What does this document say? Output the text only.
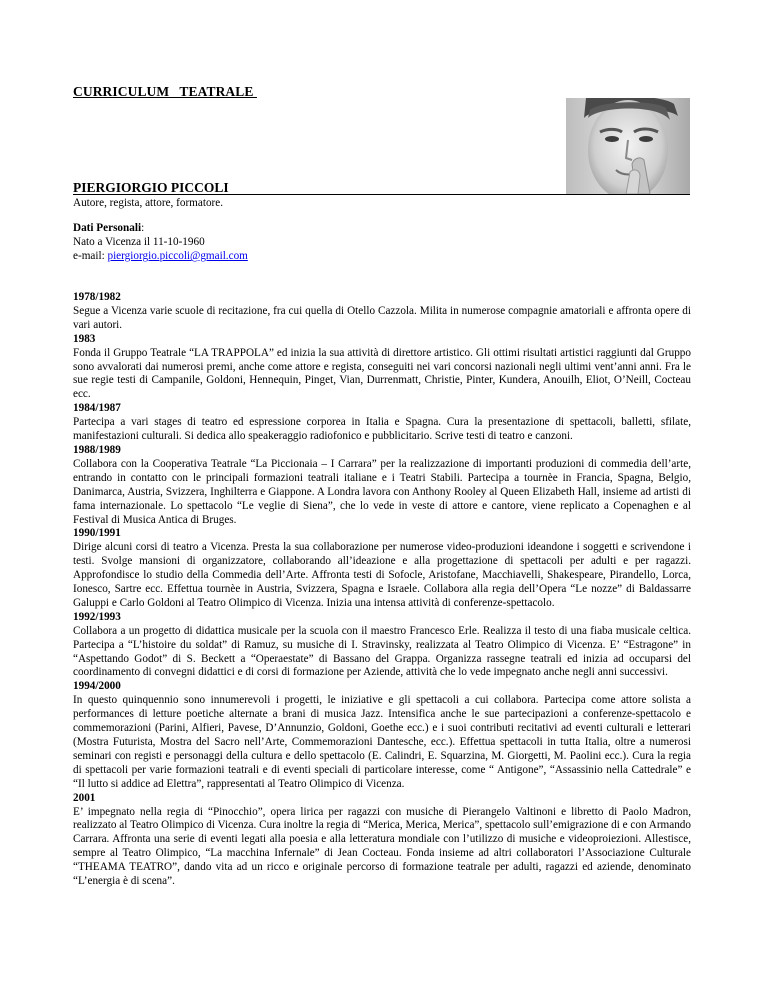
CURRICULUM   TEATRALE
PIERGIORGIO PICCOLI
Autore, regista, attore, formatore.
Dati Personali:
Nato a Vicenza il 11-10-1960
e-mail: piergiorgio.piccoli@gmail.com
1978/1982
Segue a Vicenza varie scuole di recitazione, fra cui quella di Otello Cazzola. Milita in numerose compagnie amatoriali e affronta opere di vari autori.
1983
Fonda il Gruppo Teatrale “LA TRAPPOLA” ed inizia la sua attività di direttore artistico. Gli ottimi risultati artistici raggiunti dal Gruppo sono avvalorati dai numerosi premi, anche come attore e regista, conseguiti nei vari concorsi nazionali negli ultimi vent’anni anni. Fra le sue regie testi di Campanile, Goldoni, Hennequin, Pinget, Vian, Durrenmatt, Christie, Pinter, Kundera, Anouilh, Eliot, O’Neill, Cocteau ecc.
1984/1987
Partecipa a vari stages di teatro ed espressione corporea in Italia e Spagna. Cura la presentazione di spettacoli, balletti, sfilate, manifestazioni culturali. Si dedica allo speakeraggio radiofonico e pubblicitario. Scrive testi di teatro e canzoni.
1988/1989
Collabora con la Cooperativa Teatrale “La Piccionaia – I Carrara” per la realizzazione di importanti produzioni di commedia dell’arte, entrando in contatto con le principali formazioni teatrali italiane e i Teatri Stabili. Partecipa a tournèe in Francia, Spagna, Belgio, Danimarca, Austria, Svizzera, Inghilterra e Giappone. A Londra lavora con Anthony Rooley al Queen Elizabeth Hall, insieme ad artisti di fama internazionale. Lo spettacolo “Le veglie di Siena”, che lo vede in veste di attore e cantore, viene replicato a Copenaghen e al Festival di Musica Antica di Bruges.
1990/1991
Dirige alcuni corsi di teatro a Vicenza. Presta la sua collaborazione per numerose video-produzioni ideandone i soggetti e scrivendone i testi. Svolge mansioni di organizzatore, collaborando all’ideazione e alla progettazione di spettacoli per adulti e per ragazzi. Approfondisce lo studio della Commedia dell’Arte. Affronta testi di Sofocle, Aristofane, Macchiavelli, Shakespeare, Pirandello, Lorca, Ionesco, Sartre ecc. Effettua tournèe in Austria, Svizzera, Spagna e Israele. Collabora alla regia dell’Opera “Le nozze” di Baldassarre Galuppi e Carlo Goldoni al Teatro Olimpico di Vicenza. Inizia una intensa attività di conferenze-spettacolo.
1992/1993
Collabora a un progetto di didattica musicale per la scuola con il maestro Francesco Erle. Realizza il testo di una fiaba musicale celtica. Partecipa a “L’histoire du soldat” di Ramuz, su musiche di I. Stravinsky, realizzata al Teatro Olimpico di Vicenza. E’ “Estragone” in “Aspettando Godot” di S. Beckett a “Operaestate” di Bassano del Grappa. Organizza rassegne teatrali ed inizia ad occuparsi del coordinamento di convegni didattici e di corsi di formazione per Aziende, attività che lo vede impegnato anche negli anni successivi.
1994/2000
In questo quinquennio sono innumerevoli i progetti, le iniziative e gli spettacoli a cui collabora. Partecipa come attore solista a performances di letture poetiche alternate a brani di musica Jazz. Intensifica anche le sue partecipazioni a conferenze-spettacolo e commemorazioni (Parini, Alfieri, Pavese, D’Annunzio, Goldoni, Goethe ecc.) e i suoi contributi recitativi ad eventi culturali e letterari (Mostra Futurista, Mostra del Sacro nell’Arte, Commemorazioni Dantesche, ecc.). Effettua spettacoli in tutta Italia, oltre a numerosi seminari con registi e personaggi della cultura e dello spettacolo (E. Calindri, E. Squarzina, M. Giorgetti, M. Paolini ecc.). Cura la regia di spettacoli per varie formazioni teatrali e di eventi speciali di particolare interesse, come “ Antigone”, “Assassinio nella Cattedrale” e “Il lutto si addice ad Elettra”, rappresentati al Teatro Olimpico di Vicenza.
2001
E’ impegnato nella regia di “Pinocchio”, opera lirica per ragazzi con musiche di Pierangelo Valtinoni e libretto di Paolo Madron, realizzato al Teatro Olimpico di Vicenza. Cura inoltre la regia di “Merica, Merica, Merica”, spettacolo sull’emigrazione di e con Armando Carrara. Affronta una serie di eventi legati alla poesia e alla letteratura mondiale con l’utilizzo di musiche e videoproiezioni. Allestisce, sempre al Teatro Olimpico, “La macchina Infernale” di Jean Cocteau. Fonda insieme ad altri collaboratori l’Associazione Culturale “THEAMA TEATRO”, dando vita ad un ricco e originale percorso di formazione teatrale per adulti, ragazzi ed aziende, denominato “L’energia è di scena”.
